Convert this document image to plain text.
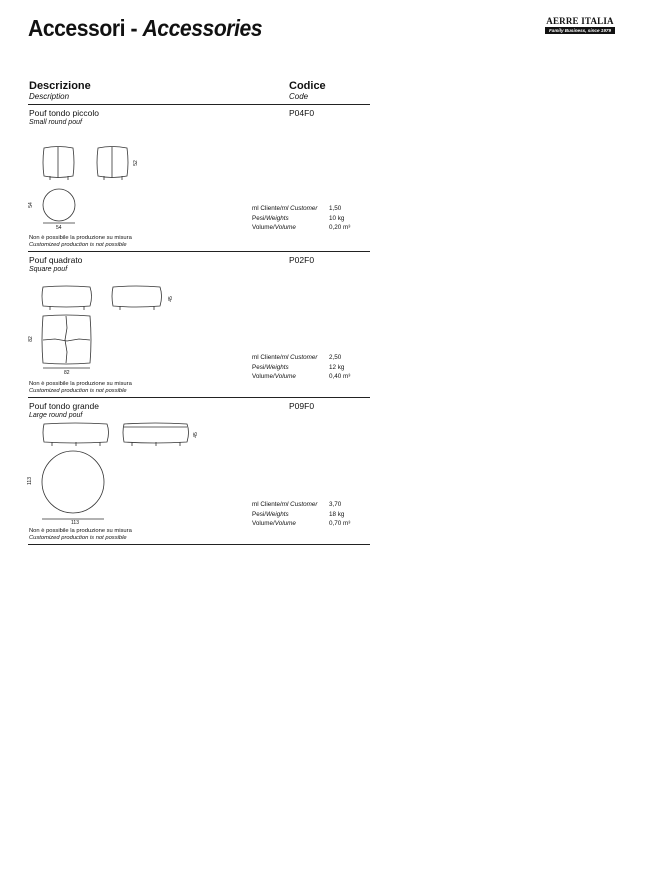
Accessori - Accessories	AERRE ITALIA
Family Business, since 1979
Descrizione
Description
Codice
Code
Pouf tondo piccolo
Small round pouf
P04F0
52
54
54
Non è possibile la produzione su misura
Customized production is not possible
ml Cliente/ml Customer
Pesi/Weights
Volume/Volume
1,50
10 kg
0,20 m³
Pouf quadrato
Square pouf
P02F0
45
82
82
Non è possibile la produzione su misura
Customized production is not possible
ml Cliente/ml Customer
Pesi/Weights
Volume/Volume
2,50
12 kg
0,40 m³
Pouf tondo grande
Large round pouf
P09F0
45
113
113
Non è possibile la produzione su misura
Customized production is not possible
ml Cliente/ml Customer
Pesi/Weights
Volume/Volume
3,70
18 kg
0,70 m³
